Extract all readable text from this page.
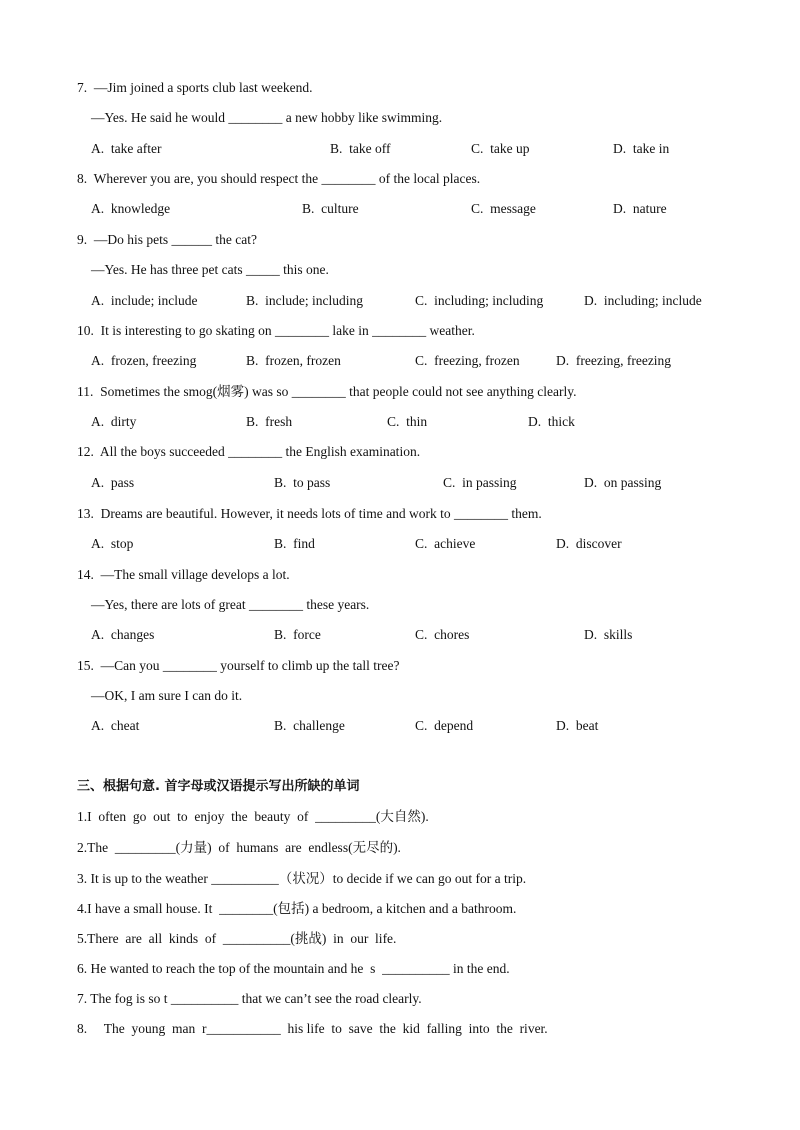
7.  —Jim joined a sports club last weekend.
—Yes. He said he would ________ a new hobby like swimming.
A.  take after	B.  take off	C.  take up	D.  take in
8.  Wherever you are, you should respect the ________ of the local places.
A.  knowledge	B.  culture	C.  message	D.  nature
9.  —Do his pets ______ the cat?
—Yes. He has three pet cats _____ this one.
A.  include; include	B.  include; including	C.  including; including	D.  including; include
10.  It is interesting to go skating on ________ lake in ________ weather.
A.  frozen, freezing	B.  frozen, frozen	C.  freezing, frozen	D.  freezing, freezing
11.  Sometimes the smog(烟雾) was so ________ that people could not see anything clearly.
A.  dirty	B.  fresh	C.  thin	D.  thick
12.  All the boys succeeded ________ the English examination.
A.  pass	B.  to pass	C.  in passing	D.  on passing
13.  Dreams are beautiful. However, it needs lots of time and work to ________ them.
A.  stop	B.  find	C.  achieve	D.  discover
14.  —The small village develops a lot.
—Yes, there are lots of great ________ these years.
A.  changes	B.  force	C.  chores	D.  skills
15.  —Can you ________ yourself to climb up the tall tree?
—OK, I am sure I can do it.
A.  cheat	B.  challenge	C.  depend	D.  beat
三、根据句意. 首字母或汉语提示写出所缺的单词
1.I  often  go  out  to  enjoy  the  beauty  of  _________(大自然).
2.The  _________(力量)  of  humans  are  endless(无尽的).
3. It is up to the weather __________（状况）to decide if we can go out for a trip.
4.I have a small house. It  ________(包括) a bedroom, a kitchen and a bathroom.
5.There  are  all  kinds  of  __________(挑战)  in  our  life.
6. He wanted to reach the top of the mountain and he  s  __________ in the end.
7. The fog is so t __________ that we can’t see the road clearly.
8.     The  young  man  r___________  his life  to  save  the  kid  falling  into  the  river.
